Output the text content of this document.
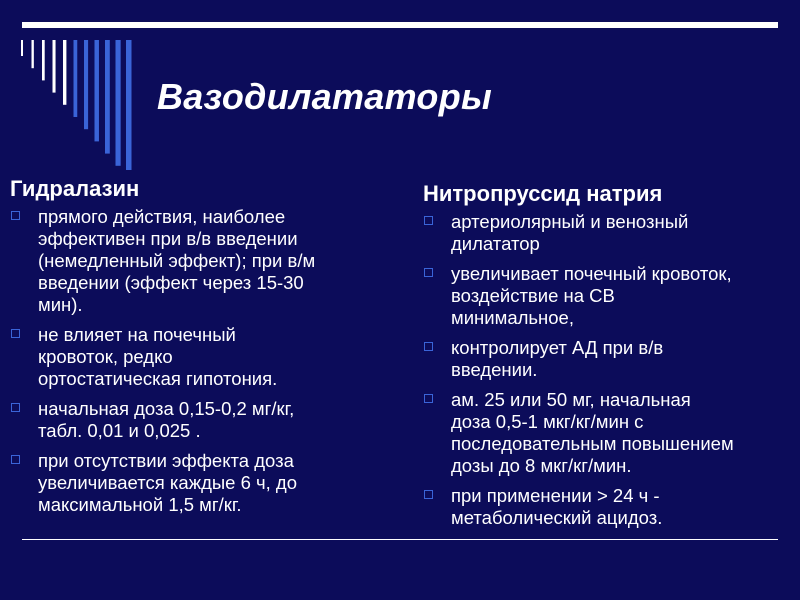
Вазодилататоры
Гидралазин
прямого действия, наиболее
эффективен при в/в введении
(немедленный эффект); при в/м
введении (эффект через 15-30
мин).
не влияет на почечный
кровоток, редко
ортостатическая гипотония.
начальная доза 0,15-0,2 мг/кг,
табл. 0,01 и 0,025 .
при отсутствии эффекта доза
увеличивается каждые 6 ч, до
максимальной 1,5 мг/кг.
Нитропруссид натрия
артериолярный и венозный
дилататор
увеличивает почечный кровоток,
воздействие на СВ
минимальное,
контролирует АД при в/в
введении.
ам. 25 или 50 мг, начальная
доза 0,5-1 мкг/кг/мин с
последовательным повышением
дозы до 8 мкг/кг/мин.
при применении > 24 ч -
метаболический ацидоз.
